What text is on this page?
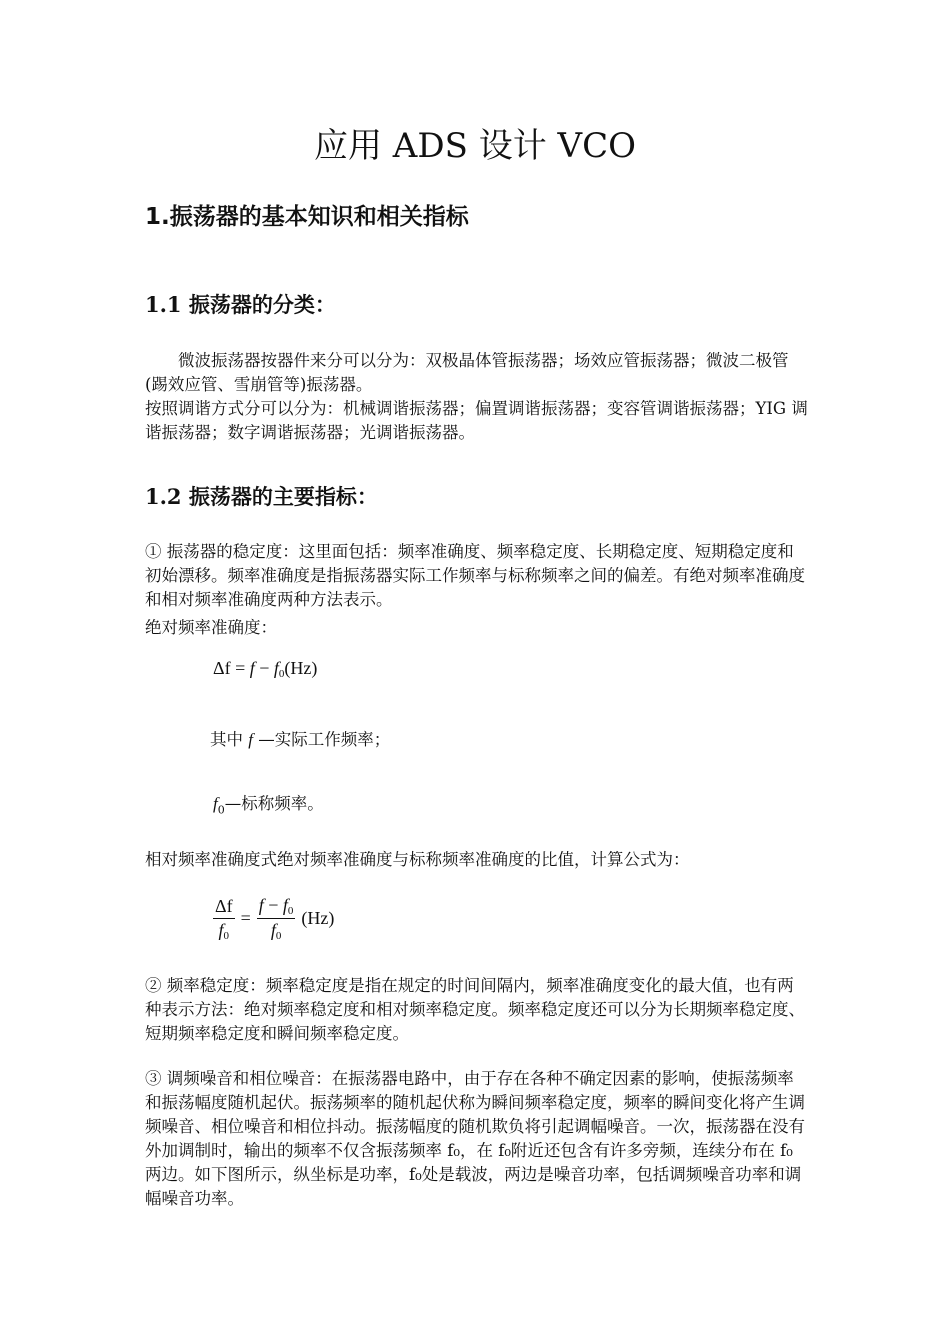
应用 ADS 设计 VCO
1.振荡器的基本知识和相关指标
1.1 振荡器的分类：
微波振荡器按器件来分可以分为：双极晶体管振荡器；场效应管振荡器；微波二极管(踢效应管、雪崩管等)振荡器。
按照调谐方式分可以分为：机械调谐振荡器；偏置调谐振荡器；变容管调谐振荡器；YIG 调谐振荡器；数字调谐振荡器；光调谐振荡器。
1.2 振荡器的主要指标：
① 振荡器的稳定度：这里面包括：频率准确度、频率稳定度、长期稳定度、短期稳定度和初始漂移。频率准确度是指振荡器实际工作频率与标称频率之间的偏差。有绝对频率准确度和相对频率准确度两种方法表示。
绝对频率准确度：
$\Delta f = f - f_0(Hz)$
其中 f —实际工作频率；
$f_0—$标称频率。
相对频率准确度式绝对频率准确度与标称频率准确度的比值，计算公式为：
$\frac{\Delta f}{f_0} = \frac{f - f_0}{f_0} (Hz)$
② 频率稳定度：频率稳定度是指在规定的时间间隔内，频率准确度变化的最大值，也有两种表示方法：绝对频率稳定度和相对频率稳定度。频率稳定度还可以分为长期频率稳定度、短期频率稳定度和瞬间频率稳定度。
③ 调频噪音和相位噪音：在振荡器电路中，由于存在各种不确定因素的影响，使振荡频率和振荡幅度随机起伏。振荡频率的随机起伏称为瞬间频率稳定度，频率的瞬间变化将产生调频噪音、相位噪音和相位抖动。振荡幅度的随机欺负将引起调幅噪音。一次，振荡器在没有外加调制时，输出的频率不仅含振荡频率 f₀，在 f₀附近还包含有许多旁频，连续分布在 f₀两边。如下图所示，纵坐标是功率，f₀处是载波，两边是噪音功率，包括调频噪音功率和调幅噪音功率。
